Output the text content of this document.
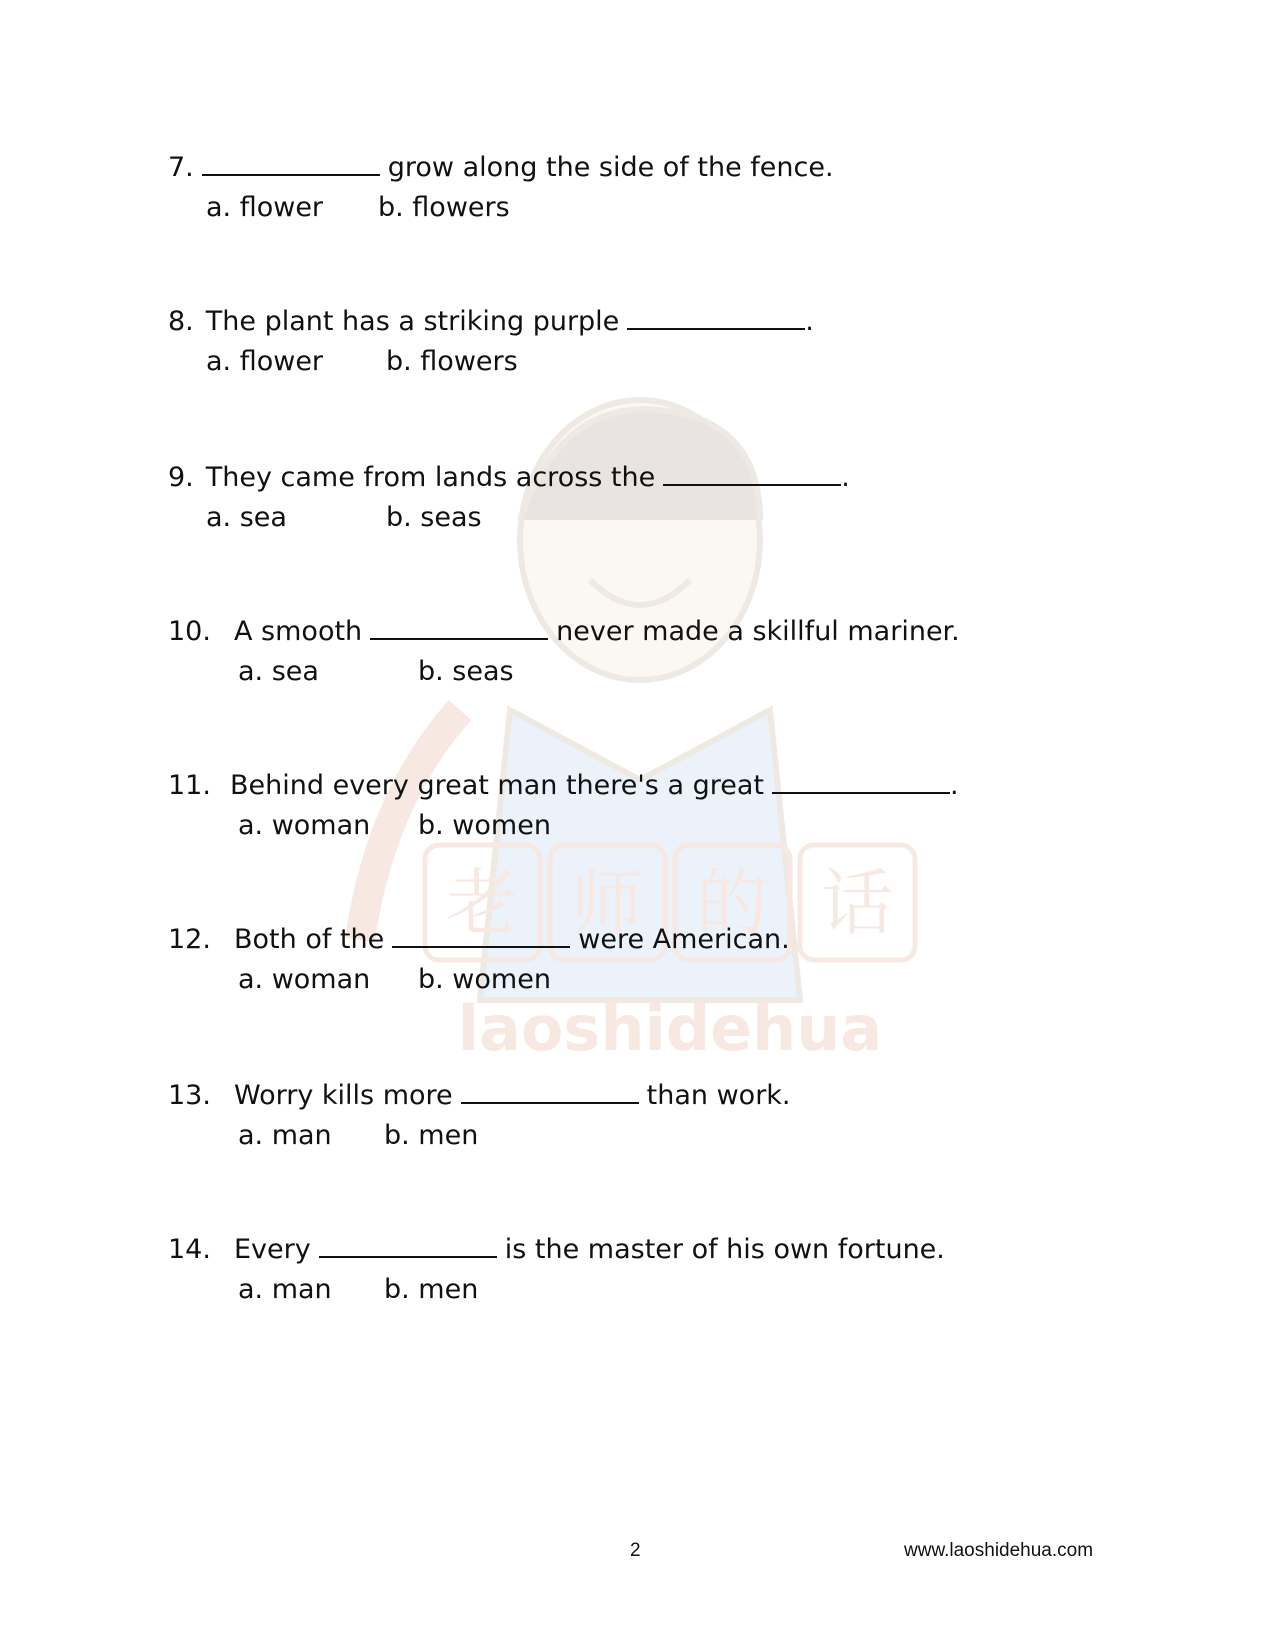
老 师 的 话
laoshidehua
7.	grow along the side of the fence.
a. flower	b. flowers
8. The plant has a striking purple	.
a. flower	b. flowers
9. They came from lands across the	.
a. sea	b. seas
10. A smooth	never made a skillful mariner.
a. sea	b. seas
11. Behind every great man there's a great	.
a. woman	b. women
12. Both of the	were American.
a. woman	b. women
13. Worry kills more	than work.
a. man	b. men
14. Every	is the master of his own fortune.
a. man	b. men
2	www.laoshidehua.com
